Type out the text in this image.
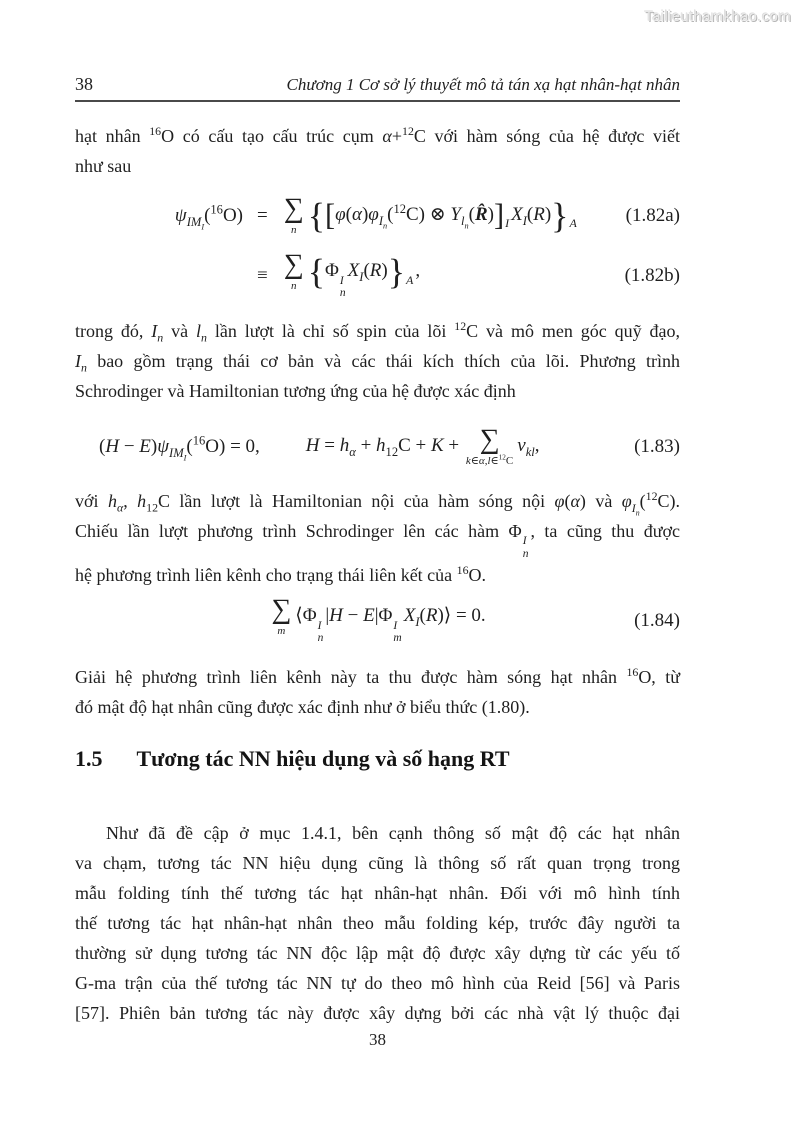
Tailieuthamkhao.com
38	Chương 1 Cơ sở lý thuyết mô tả tán xạ hạt nhân-hạt nhân
hạt nhân $^{16}$O có cấu tạo cấu trúc cụm α+$^{12}$C với hàm sóng của hệ được viết
như sau
$\psi_{IM_I}(^{16}O)$ = ∑
n {[$\varphi(\alpha)\varphi_{I_n}(^{12}C)$ ⊗ $Y_{l_n}(R̂)]_I$ $X_I(R)\}_A$	(1.82a)
≡ ∑
n {Φ I
n
$X_I(R)\}_A$ ,	(1.82b)
trong đó, $I_n$ và $l_n$ lần lượt là chỉ số spin của lõi $^{12}$C và mô men góc quỹ đạo,
$I_n$ bao gồm trạng thái cơ bản và các thái kích thích của lõi. Phương trình
Schrodinger và Hamiltonian tương ứng của hệ được xác định
$(H - E)\psi_{IM_I}(^{16}O) = 0$, $H = h_\alpha + h_{12}C + K$ + ∑
k∈α,l∈$^{12}$C
$v_{kl}$,	(1.83)
với $h_\alpha$, $h_{12}C$ lần lượt là Hamiltonian nội của hàm sóng nội φ(α) và $\varphi_{I_n}(^{12}C)$.
Chiếu lần lượt phương trình Schrodinger lên các hàm Φ I
n
, ta cũng thu được
hệ phương trình liên kênh cho trạng thái liên kết của $^{16}$O.
∑
m
⟨Φ I
n
|H − E|Φ I
m
$X_I(R)⟩ = 0$.	(1.84)
Giải hệ phương trình liên kênh này ta thu được hàm sóng hạt nhân $^{16}$O, từ
đó mật độ hạt nhân cũng được xác định như ở biểu thức (1.80).
1.5 Tương tác NN hiệu dụng và số hạng RT
Như đã đề cập ở mục 1.4.1, bên cạnh thông số mật độ các hạt nhân
va chạm, tương tác NN hiệu dụng cũng là thông số rất quan trọng trong
mẫu folding tính thế tương tác hạt nhân-hạt nhân. Đối với mô hình tính
thế tương tác hạt nhân-hạt nhân theo mẫu folding kép, trước đây người ta
thường sử dụng tương tác NN độc lập mật độ được xây dựng từ các yếu tố
G-ma trận của thế tương tác NN tự do theo mô hình của Reid [56] và Paris
[57]. Phiên bản tương tác này được xây dựng bởi các nhà vật lý thuộc đại
38
